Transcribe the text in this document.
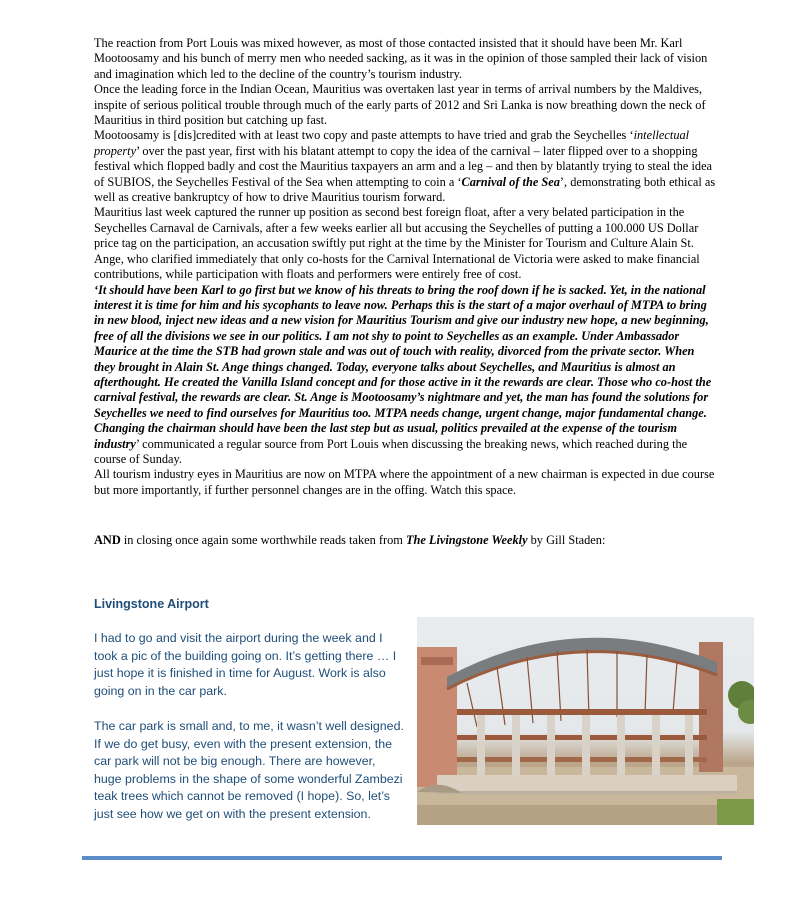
The reaction from Port Louis was mixed however, as most of those contacted insisted that it should have been Mr. Karl Mootoosamy and his bunch of merry men who needed sacking, as it was in the opinion of those sampled their lack of vision and imagination which led to the decline of the country’s tourism industry.

Once the leading force in the Indian Ocean, Mauritius was overtaken last year in terms of arrival numbers by the Maldives, inspite of serious political trouble through much of the early parts of 2012 and Sri Lanka is now breathing down the neck of Mauritius in third position but catching up fast.

Mootoosamy is [dis]credited with at least two copy and paste attempts to have tried and grab the Seychelles ‘intellectual property’ over the past year, first with his blatant attempt to copy the idea of the carnival – later flipped over to a shopping festival which flopped badly and cost the Mauritius taxpayers an arm and a leg – and then by blatantly trying to steal the idea of SUBIOS, the Seychelles Festival of the Sea when attempting to coin a ‘Carnival of the Sea’, demonstrating both ethical as well as creative bankruptcy of how to drive Mauritius tourism forward.

Mauritius last week captured the runner up position as second best foreign float, after a very belated participation in the Seychelles Carnaval de Carnivals, after a few weeks earlier all but accusing the Seychelles of putting a 100.000 US Dollar price tag on the participation, an accusation swiftly put right at the time by the Minister for Tourism and Culture Alain St. Ange, who clarified immediately that only co-hosts for the Carnival International de Victoria were asked to make financial contributions, while participation with floats and performers were entirely free of cost.

‘It should have been Karl to go first but we know of his threats to bring the roof down if he is sacked. Yet, in the national interest it is time for him and his sycophants to leave now. Perhaps this is the start of a major overhaul of MTPA to bring in new blood, inject new ideas and a new vision for Mauritius Tourism and give our industry new hope, a new beginning, free of all the divisions we see in our politics. I am not shy to point to Seychelles as an example. Under Ambassador Maurice at the time the STB had grown stale and was out of touch with reality, divorced from the private sector. When they brought in Alain St. Ange things changed. Today, everyone talks about Seychelles, and Mauritius is almost an afterthought. He created the Vanilla Island concept and for those active in it the rewards are clear. Those who co-host the carnival festival, the rewards are clear. St. Ange is Mootoosamy’s nightmare and yet, the man has found the solutions for Seychelles we need to find ourselves for Mauritius too. MTPA needs change, urgent change, major fundamental change. Changing the chairman should have been the last step but as usual, politics prevailed at the expense of the tourism industry’ communicated a regular source from Port Louis when discussing the breaking news, which reached during the course of Sunday.

All tourism industry eyes in Mauritius are now on MTPA where the appointment of a new chairman is expected in due course but more importantly, if further personnel changes are in the offing. Watch this space.

AND in closing once again some worthwhile reads taken from The Livingstone Weekly by Gill Staden:
Livingstone Airport

I had to go and visit the airport during the week and I took a pic of the building going on. It’s getting there … I just hope it is finished in time for August. Work is also going on in the car park.

The car park is small and, to me, it wasn’t well designed. If we do get busy, even with the present extension, the car park will not be big enough. There are however, huge problems in the shape of some wonderful Zambezi teak trees which cannot be removed (I hope). So, let’s just see how we get on with the present extension.
